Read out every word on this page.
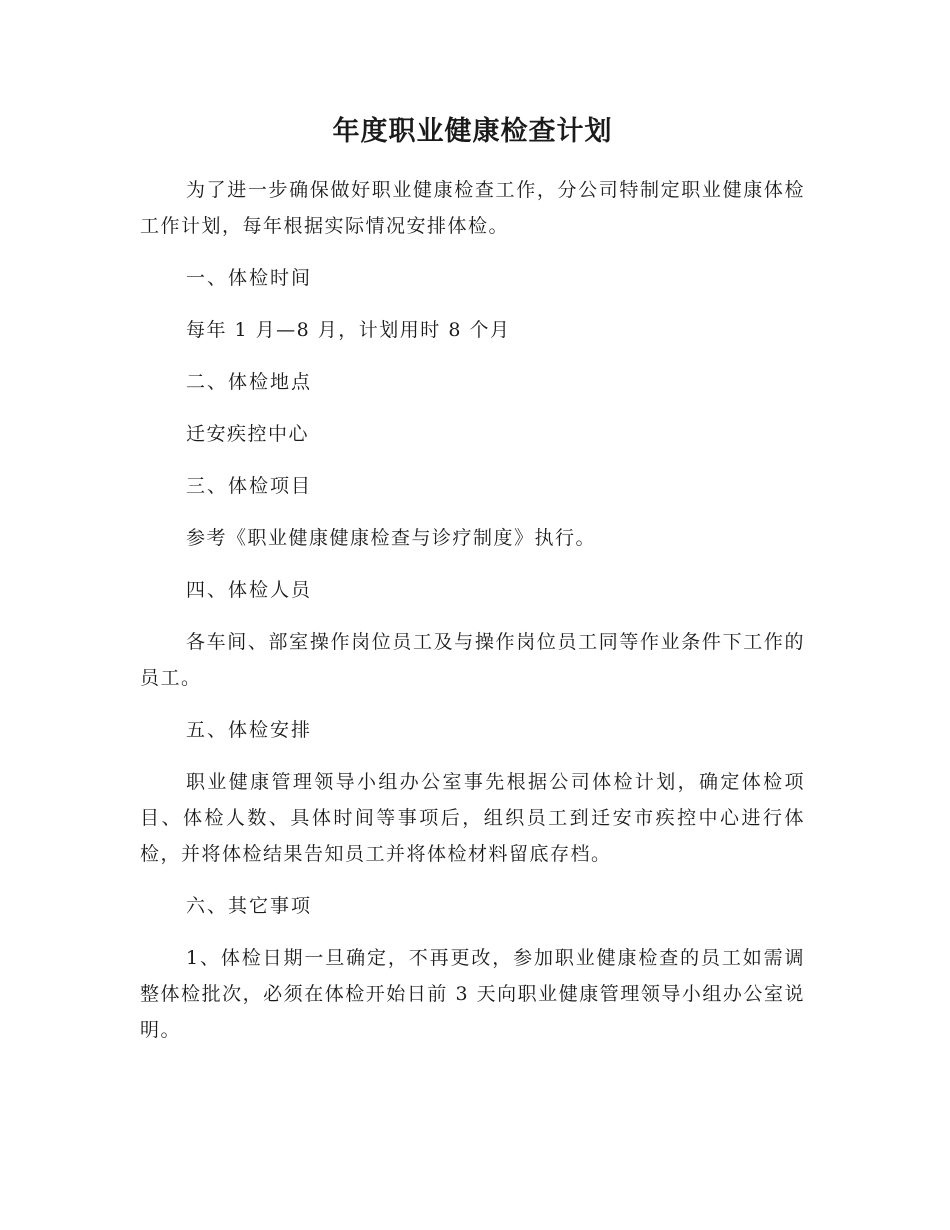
年度职业健康检查计划

为了进一步确保做好职业健康检查工作，分公司特制定职业健康体检工作计划，每年根据实际情况安排体检。

一、体检时间

每年 1 月—8 月，计划用时 8 个月

二、体检地点

迁安疾控中心

三、体检项目

参考《职业健康健康检查与诊疗制度》执行。

四、体检人员

各车间、部室操作岗位员工及与操作岗位员工同等作业条件下工作的员工。

五、体检安排

职业健康管理领导小组办公室事先根据公司体检计划，确定体检项目、体检人数、具体时间等事项后，组织员工到迁安市疾控中心进行体检，并将体检结果告知员工并将体检材料留底存档。

六、其它事项

1、体检日期一旦确定，不再更改，参加职业健康检查的员工如需调整体检批次，必须在体检开始日前 3 天向职业健康管理领导小组办公室说明。
